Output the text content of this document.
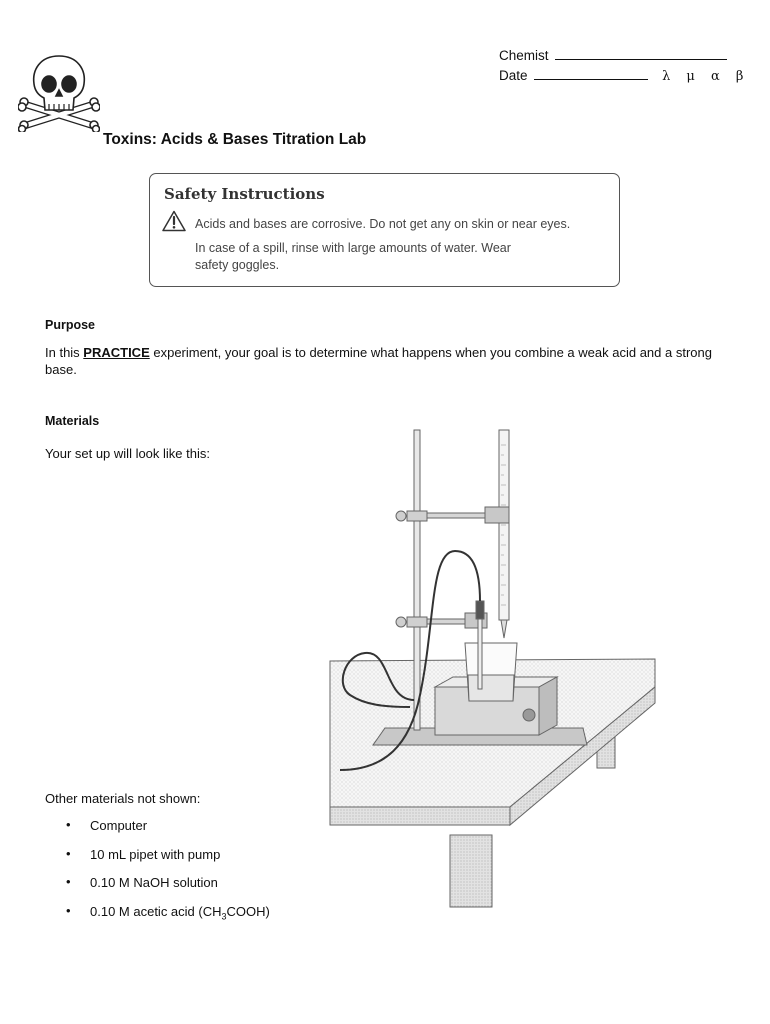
Chemist
Date	λ μ α β
Toxins: Acids & Bases Titration Lab
Safety Instructions
Acids and bases are corrosive. Do not get any on skin or near eyes.
In case of a spill, rinse with large amounts of water. Wear
safety goggles.
Purpose
In this PRACTICE experiment, your goal is to determine what happens when you combine a weak acid and a strong base.
Materials
Your set up will look like this:
Other materials not shown:
• Computer
• 10 mL pipet with pump
• 0.10 M NaOH solution
• 0.10 M acetic acid $(CH_3COOH)$
